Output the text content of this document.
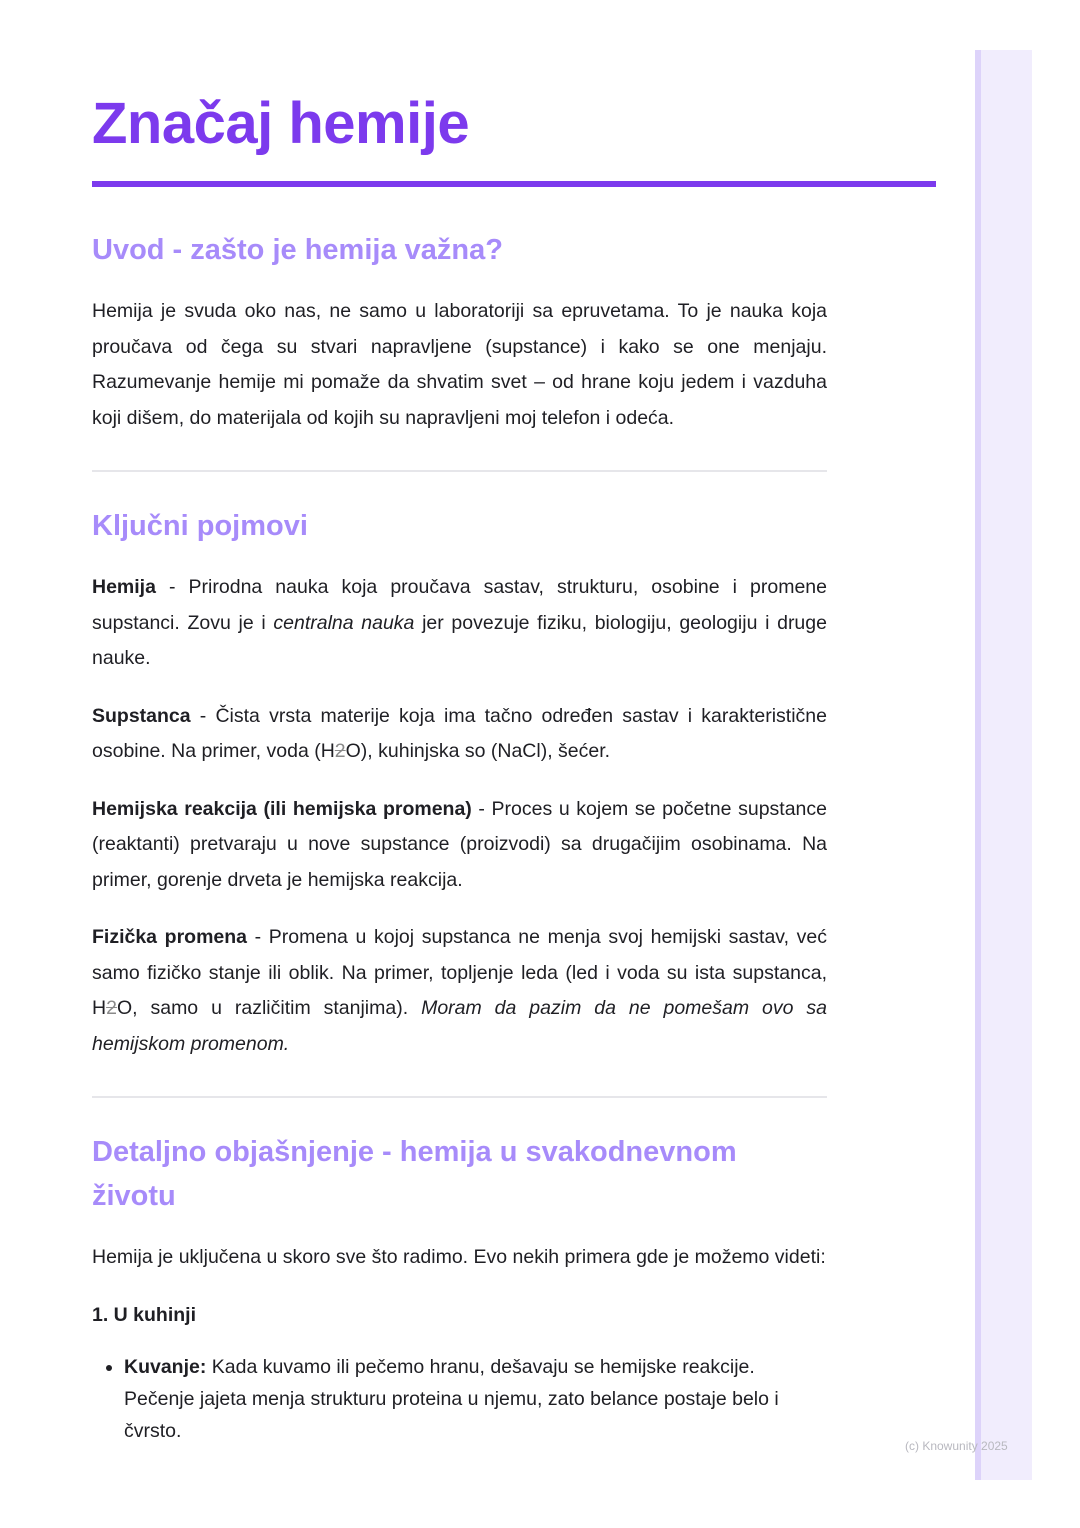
Značaj hemije
Uvod - zašto je hemija važna?

Hemija je svuda oko nas, ne samo u laboratoriji sa epruvetama. To je nauka koja proučava od čega su stvari napravljene (supstance) i kako se one menjaju. Razumevanje hemije mi pomaže da shvatim svet – od hrane koju jedem i vazduha koji dišem, do materijala od kojih su napravljeni moj telefon i odeća.

Ključni pojmovi

Hemija - Prirodna nauka koja proučava sastav, strukturu, osobine i promene supstanci. Zovu je i centralna nauka jer povezuje fiziku, biologiju, geologiju i druge nauke.

Supstanca - Čista vrsta materije koja ima tačno određen sastav i karakteristične osobine. Na primer, voda (H2O), kuhinjska so (NaCl), šećer.

Hemijska reakcija (ili hemijska promena) - Proces u kojem se početne supstance (reaktanti) pretvaraju u nove supstance (proizvodi) sa drugačijim osobinama. Na primer, gorenje drveta je hemijska reakcija.

Fizička promena - Promena u kojoj supstanca ne menja svoj hemijski sastav, već samo fizičko stanje ili oblik. Na primer, topljenje leda (led i voda su ista supstanca, H2O, samo u različitim stanjima). Moram da pazim da ne pomešam ovo sa hemijskom promenom.

Detaljno objašnjenje - hemija u svakodnevnom životu

Hemija je uključena u skoro sve što radimo. Evo nekih primera gde je možemo videti:

1. U kuhinji
• Kuvanje: Kada kuvamo ili pečemo hranu, dešavaju se hemijske reakcije. Pečenje jajeta menja strukturu proteina u njemu, zato belance postaje belo i čvrsto.
(c) Knowunity 2025
